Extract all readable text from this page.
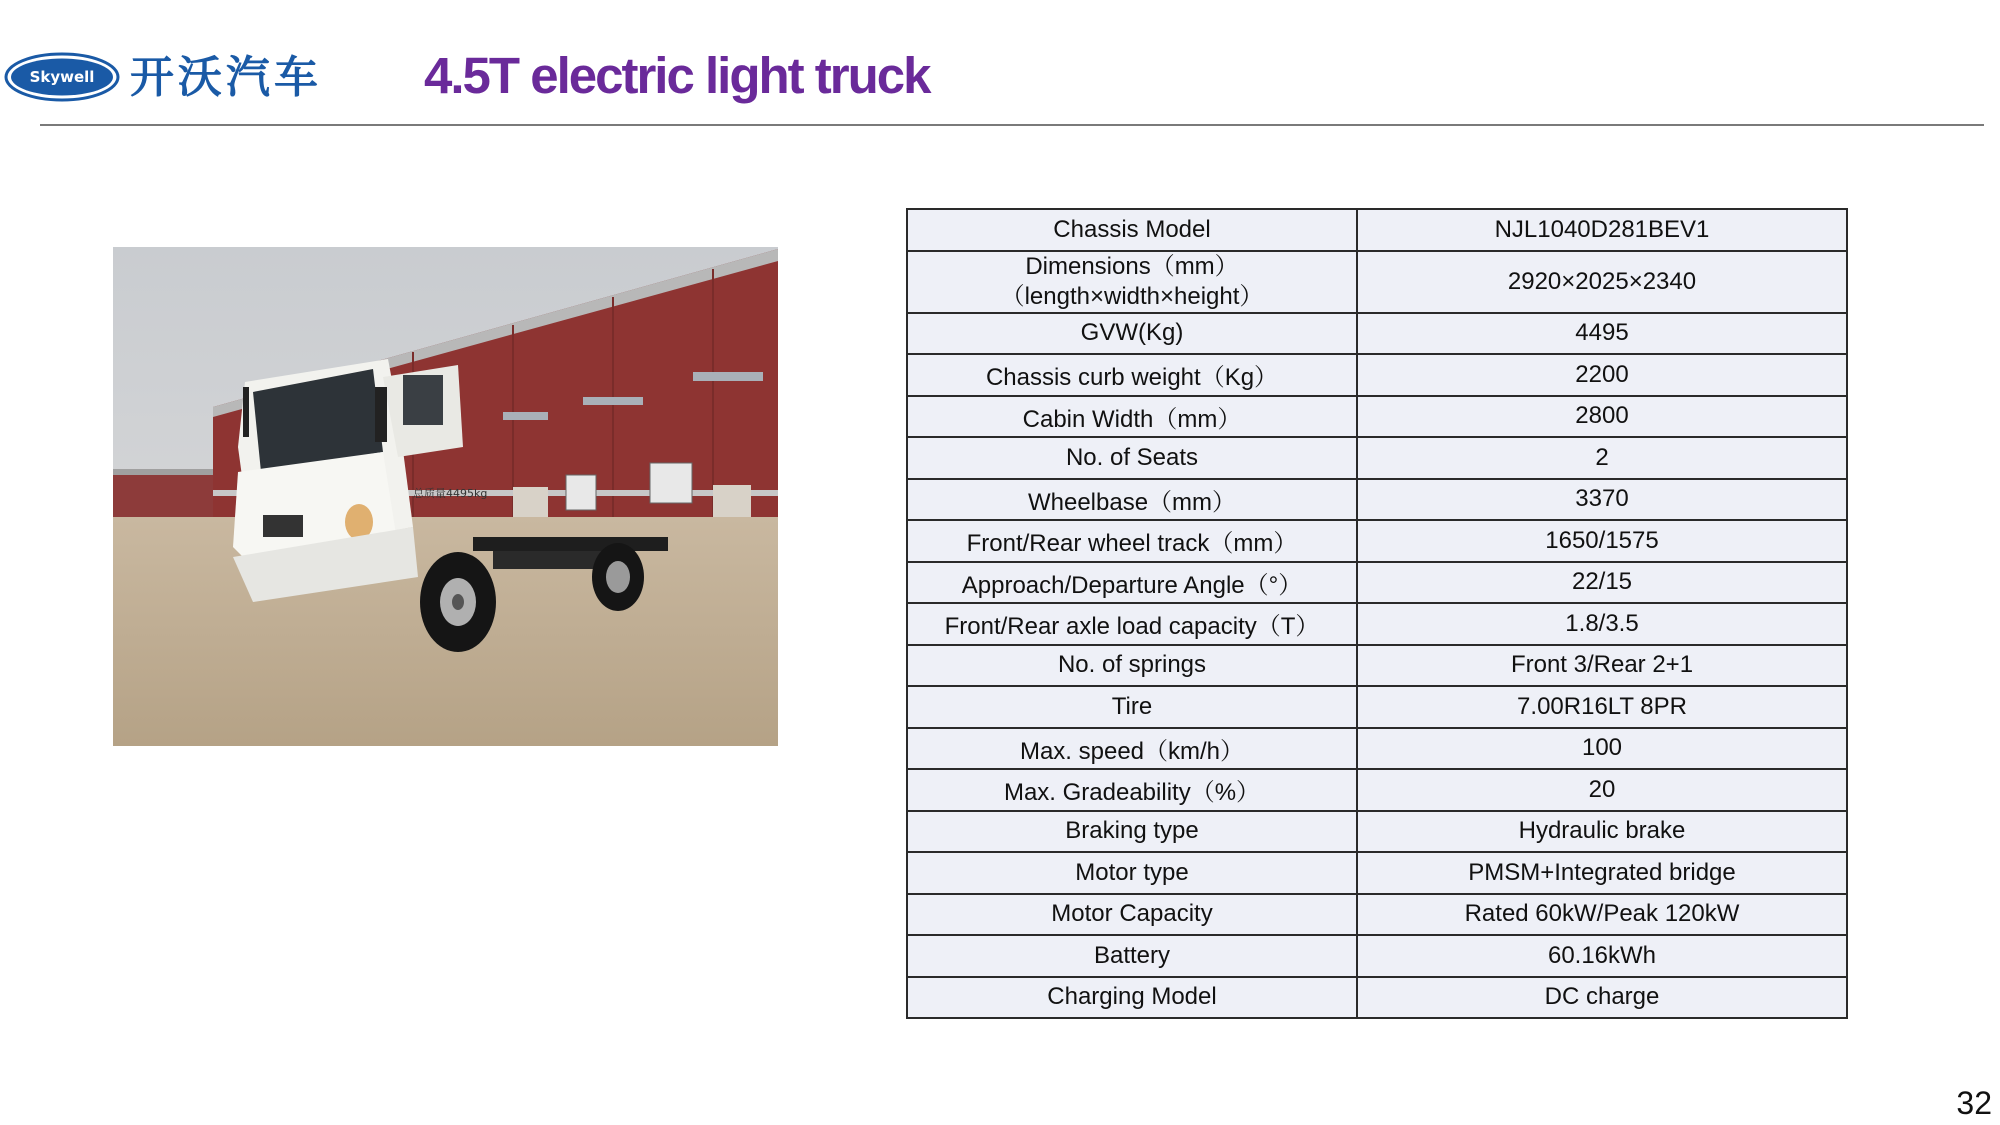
Skywell 开沃汽车 4.5T electric light truck
总质量4495kg
Chassis Model	NJL1040D281BEV1

Dimensions（mm）
（length×width×height）	2920×2025×2340
GVW(Kg)	4495
Chassis curb weight（Kg）	2200
Cabin Width（mm）	2800
No. of Seats	2
Wheelbase（mm）	3370
Front/Rear wheel track（mm）	1650/1575
Approach/Departure Angle（°）	22/15
Front/Rear axle load capacity（T）	1.8/3.5
No. of springs	Front 3/Rear 2+1
Tire	7.00R16LT 8PR
Max. speed（km/h）	100
Max. Gradeability（%）	20
Braking type	Hydraulic brake
Motor type	PMSM+Integrated bridge
Motor Capacity	Rated 60kW/Peak 120kW
Battery	60.16kWh
Charging Model	DC charge
32
